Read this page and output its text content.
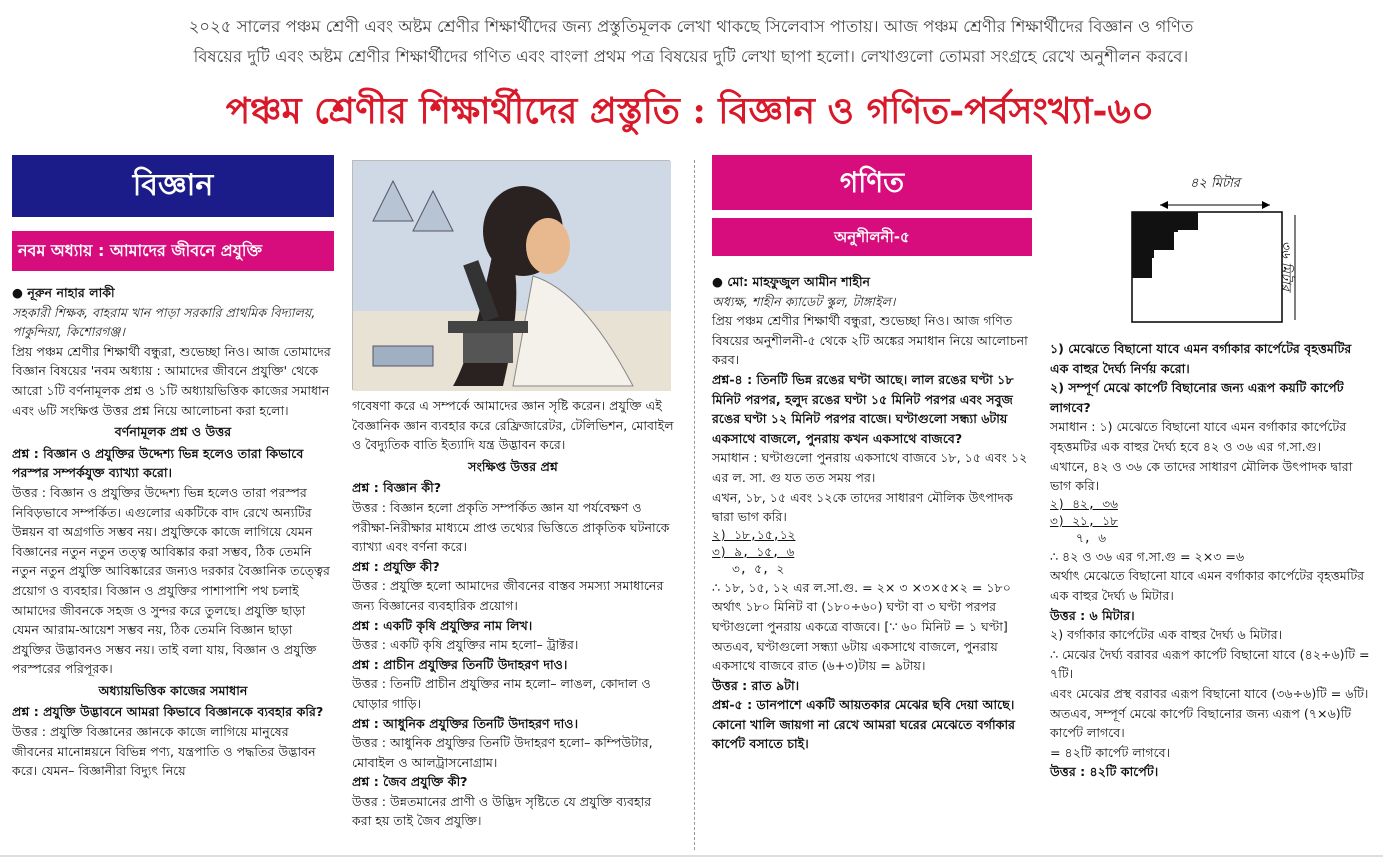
২০২৫ সালের পঞ্চম শ্রেণী এবং অষ্টম শ্রেণীর শিক্ষার্থীদের জন্য প্রস্তুতিমূলক লেখা থাকছে সিলেবাস পাতায়। আজ পঞ্চম শ্রেণীর শিক্ষার্থীদের বিজ্ঞান ও গণিত

বিষয়ের দুটি এবং অষ্টম শ্রেণীর শিক্ষার্থীদের গণিত এবং বাংলা প্রথম পত্র বিষয়ের দুটি লেখা ছাপা হলো। লেখাগুলো তোমরা সংগ্রহে রেখে অনুশীলন করবে।

পঞ্চম শ্রেণীর শিক্ষার্থীদের প্রস্তুতি : বিজ্ঞান ও গণিত-পর্বসংখ্যা-৬০
বিজ্ঞান
নবম অধ্যায় : আমাদের জীবনে প্রযুক্তি

● নূরুন নাহার লাকী

সহকারী শিক্ষক, বাহরাম খান পাড়া সরকারি প্রাথমিক বিদ্যালয়, পাকুন্দিয়া, কিশোরগঞ্জ।

প্রিয় পঞ্চম শ্রেণীর শিক্ষার্থী বন্ধুরা, শুভেচ্ছা নিও। আজ তোমাদের বিজ্ঞান বিষয়ের 'নবম অধ্যায় : আমাদের জীবনে প্রযুক্তি' থেকে আরো ১টি বর্ণনামূলক প্রশ্ন ও ১টি অধ্যায়ভিত্তিক কাজের সমাধান এবং ৬টি সংক্ষিপ্ত উত্তর প্রশ্ন নিয়ে আলোচনা করা হলো।

বর্ণনামূলক প্রশ্ন ও উত্তর

প্রশ্ন : বিজ্ঞান ও প্রযুক্তির উদ্দেশ্য ভিন্ন হলেও তারা কিভাবে পরস্পর সম্পর্কযুক্ত ব্যাখ্যা করো।

উত্তর : বিজ্ঞান ও প্রযুক্তির উদ্দেশ্য ভিন্ন হলেও তারা পরস্পর নিবিড়ভাবে সম্পর্কিত। এগুলোর একটিকে বাদ রেখে অন্যটির উন্নয়ন বা অগ্রগতি সম্ভব নয়। প্রযুক্তিকে কাজে লাগিয়ে যেমন বিজ্ঞানের নতুন নতুন তত্ত্ব আবিষ্কার করা সম্ভব, ঠিক তেমনি নতুন নতুন প্রযুক্তি আবিষ্কারের জন্যও দরকার বৈজ্ঞানিক তত্ত্বের প্রয়োগ ও ব্যবহার। বিজ্ঞান ও প্রযুক্তির পাশাপাশি পথ চলাই আমাদের জীবনকে সহজ ও সুন্দর করে তুলছে। প্রযুক্তি ছাড়া যেমন আরাম-আয়েশ সম্ভব নয়, ঠিক তেমনি বিজ্ঞান ছাড়া প্রযুক্তির উদ্ভাবনও সম্ভব নয়। তাই বলা যায়, বিজ্ঞান ও প্রযুক্তি পরস্পরের পরিপূরক।

অধ্যায়ভিত্তিক কাজের সমাধান

প্রশ্ন : প্রযুক্তি উদ্ভাবনে আমরা কিভাবে বিজ্ঞানকে ব্যবহার করি?

উত্তর : প্রযুক্তি বিজ্ঞানের জ্ঞানকে কাজে লাগিয়ে মানুষের জীবনের মানোন্নয়নে বিভিন্ন পণ্য, যন্ত্রপাতি ও পদ্ধতির উদ্ভাবন করে। যেমন– বিজ্ঞানীরা বিদ্যুৎ নিয়ে

গবেষণা করে এ সম্পর্কে আমাদের জ্ঞান সৃষ্টি করেন। প্রযুক্তি এই বৈজ্ঞানিক জ্ঞান ব্যবহার করে রেফ্রিজারেটর, টেলিভিশন, মোবাইল ও বৈদ্যুতিক বাতি ইত্যাদি যন্ত্র উদ্ভাবন করে।

সংক্ষিপ্ত উত্তর প্রশ্ন

প্রশ্ন : বিজ্ঞান কী?

উত্তর : বিজ্ঞান হলো প্রকৃতি সম্পর্কিত জ্ঞান যা পর্যবেক্ষণ ও পরীক্ষা-নিরীক্ষার মাধ্যমে প্রাপ্ত তথ্যের ভিত্তিতে প্রাকৃতিক ঘটনাকে ব্যাখ্যা এবং বর্ণনা করে।

প্রশ্ন : প্রযুক্তি কী?

উত্তর : প্রযুক্তি হলো আমাদের জীবনের বাস্তব সমস্যা সমাধানের জন্য বিজ্ঞানের ব্যবহারিক প্রয়োগ।

প্রশ্ন : একটি কৃষি প্রযুক্তির নাম লিখ।

উত্তর : একটি কৃষি প্রযুক্তির নাম হলো– ট্রাক্টর।

প্রশ্ন : প্রাচীন প্রযুক্তির তিনটি উদাহরণ দাও।

উত্তর : তিনটি প্রাচীন প্রযুক্তির নাম হলো– লাঙল, কোদাল ও ঘোড়ার গাড়ি।

প্রশ্ন : আধুনিক প্রযুক্তির তিনটি উদাহরণ দাও।

উত্তর : আধুনিক প্রযুক্তির তিনটি উদাহরণ হলো– কম্পিউটার, মোবাইল ও আলট্রাসনোগ্রাম।

প্রশ্ন : জৈব প্রযুক্তি কী?

উত্তর : উন্নতমানের প্রাণী ও উদ্ভিদ সৃষ্টিতে যে প্রযুক্তি ব্যবহার করা হয় তাই জৈব প্রযুক্তি।

গণিত
অনুশীলনী-৫

● মো: মাহফুজুল আমীন শাহীন

অধ্যক্ষ, শাহীন ক্যাডেট স্কুল, টাঙ্গাইল।

প্রিয় পঞ্চম শ্রেণীর শিক্ষার্থী বন্ধুরা, শুভেচ্ছা নিও। আজ গণিত বিষয়ের অনুশীলনী-৫ থেকে ২টি অঙ্কের সমাধান নিয়ে আলোচনা করব।

প্রশ্ন-৪ : তিনটি ভিন্ন রঙের ঘণ্টা আছে। লাল রঙের ঘণ্টা ১৮ মিনিট পরপর, হলুদ রঙের ঘণ্টা ১৫ মিনিট পরপর এবং সবুজ রঙের ঘণ্টা ১২ মিনিট পরপর বাজে। ঘণ্টাগুলো সন্ধ্যা ৬টায় একসাথে বাজলে, পুনরায় কখন একসাথে বাজবে?

সমাধান : ঘণ্টাগুলো পুনরায় একসাথে বাজবে ১৮, ১৫ এবং ১২ এর ল. সা. গু যত তত সময় পর।

এখন, ১৮, ১৫ এবং ১২কে তাদের সাধারণ মৌলিক উৎপাদক দ্বারা ভাগ করি।

২) ১৮,১৫,১২

৩) ৯, ১৫, ৬

৩, ৫, ২

∴ ১৮, ১৫, ১২ এর ল.সা.গু. = ২× ৩ ×৩×৫×২ = ১৮০

অর্থাৎ ১৮০ মিনিট বা (১৮০÷৬০) ঘণ্টা বা ৩ ঘণ্টা পরপর ঘণ্টাগুলো পুনরায় একত্রে বাজবে। [∵ ৬০ মিনিট = ১ ঘণ্টা]

অতএব, ঘণ্টাগুলো সন্ধ্যা ৬টায় একসাথে বাজলে, পুনরায় একসাথে বাজবে রাত (৬+৩)টায় = ৯টায়।

উত্তর : রাত ৯টা।

প্রশ্ন-৫ : ডানপাশে একটি আয়তকার মেঝের ছবি দেয়া আছে। কোনো খালি জায়গা না রেখে আমরা ঘরের মেঝেতে বর্গাকার কার্পেট বসাতে চাই।

৪২ মিটার
৩৬ মিটার

১) মেঝেতে বিছানো যাবে এমন বর্গাকার কার্পেটের বৃহত্তমটির এক বাহুর দৈর্ঘ্য নির্ণয় করো।

২) সম্পূর্ণ মেঝে কার্পেট বিছানোর জন্য এরূপ কয়টি কার্পেট লাগবে?

সমাধান : ১) মেঝেতে বিছানো যাবে এমন বর্গাকার কার্পেটের বৃহত্তমটির এক বাহুর দৈর্ঘ্য হবে ৪২ ও ৩৬ এর গ.সা.গু।

এখানে, ৪২ ও ৩৬ কে তাদের সাধারণ মৌলিক উৎপাদক দ্বারা ভাগ করি।

২) ৪২, ৩৬

৩) ২১, ১৮

৭, ৬

∴ ৪২ ও ৩৬ এর গ.সা.গু = ২×৩ =৬

অর্থাৎ মেঝেতে বিছানো যাবে এমন বর্গাকার কার্পেটের বৃহত্তমটির এক বাহুর দৈর্ঘ্য ৬ মিটার।

উত্তর : ৬ মিটার।

২) বর্গাকার কার্পেটের এক বাহুর দৈর্ঘ্য ৬ মিটার।

∴ মেঝের দৈর্ঘ্য বরাবর এরূপ কার্পেট বিছানো যাবে (৪২÷৬)টি = ৭টি।

এবং মেঝের প্রস্থ বরাবর এরূপ বিছানো যাবে (৩৬÷৬)টি = ৬টি।

অতএব, সম্পূর্ণ মেঝে কার্পেট বিছানোর জন্য এরূপ (৭×৬)টি কার্পেট লাগবে।

= ৪২টি কার্পেট লাগবে।

উত্তর : ৪২টি কার্পেট।
